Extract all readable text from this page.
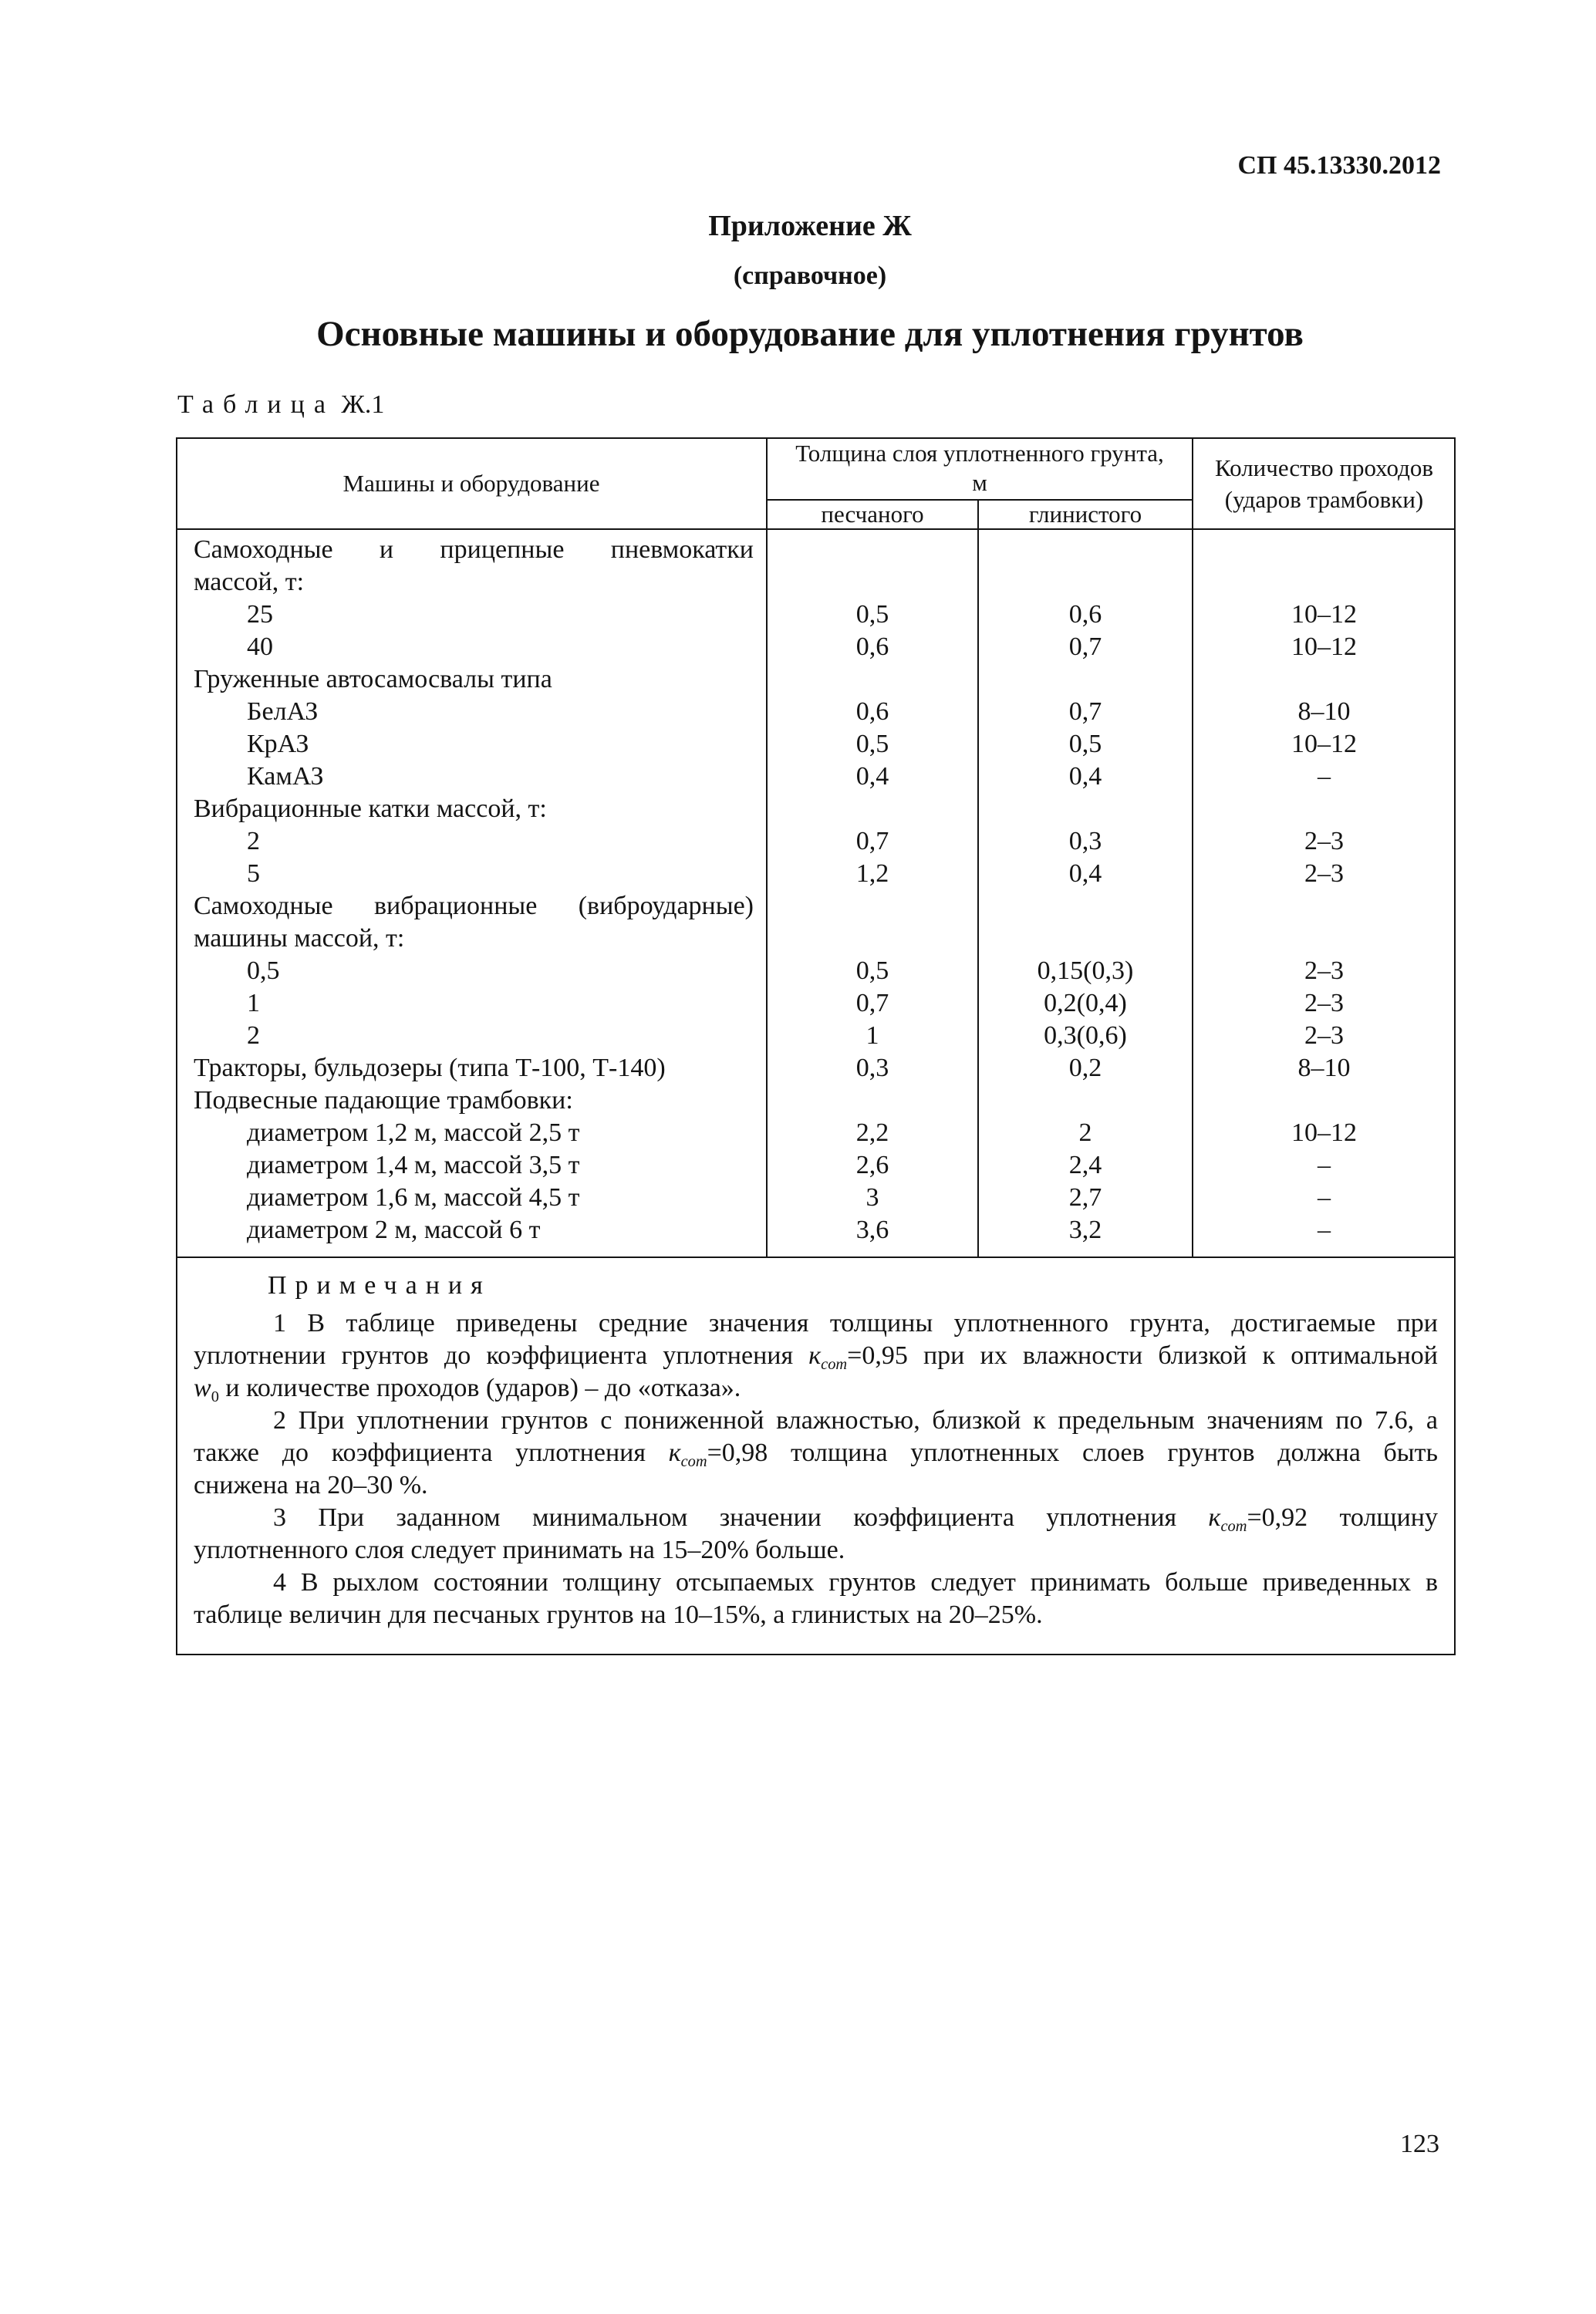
СП 45.13330.2012
Приложение Ж
(справочное)
Основные машины и оборудование для уплотнения грунтов
Таблица Ж.1
Машины и оборудование
Толщина слоя уплотненного грунта,
м
песчаного	глинистого
Количество проходов
(ударов трамбовки)
Самоходные и прицепные пневмокатки
массой, т:
25	0,5	0,6	10–12
40	0,6	0,7	10–12
Груженные автосамосвалы типа
БелАЗ	0,6	0,7	8–10
КрАЗ	0,5	0,5	10–12
КамАЗ	0,4	0,4	–
Вибрационные катки массой, т:
2	0,7	0,3	2–3
5	1,2	0,4	2–3
Самоходные вибрационные (виброударные)
машины массой, т:
0,5	0,5	0,15(0,3)	2–3
1	0,7	0,2(0,4)	2–3
2	1	0,3(0,6)	2–3
Тракторы, бульдозеры (типа Т-100, Т-140)	0,3	0,2	8–10
Подвесные падающие трамбовки:
диаметром 1,2 м, массой 2,5 т	2,2	2	10–12
диаметром 1,4 м, массой 3,5 т	2,6	2,4	–
диаметром 1,6 м, массой 4,5 т	3	2,7	–
диаметром 2 м, массой 6 т	3,6	3,2	–
Примечания
1 В таблице приведены средние значения толщины уплотненного грунта, достигаемые при
уплотнении грунтов до коэффициента уплотнения $к_{com}=0,95$ при их влажности близкой к оптимальной
$w_0$ и количестве проходов (ударов) – до «отказа».
2 При уплотнении грунтов с пониженной влажностью, близкой к предельным значениям по 7.6, а
также до коэффициента уплотнения $к_{com}=0,98$ толщина уплотненных слоев грунтов должна быть
снижена на 20–30 %.
3 При заданном минимальном значении коэффициента уплотнения $к_{com}=0,92$ толщину
уплотненного слоя следует принимать на 15–20% больше.
4 В рыхлом состоянии толщину отсыпаемых грунтов следует принимать больше приведенных в
таблице величин для песчаных грунтов на 10–15%, а глинистых на 20–25%.
123
